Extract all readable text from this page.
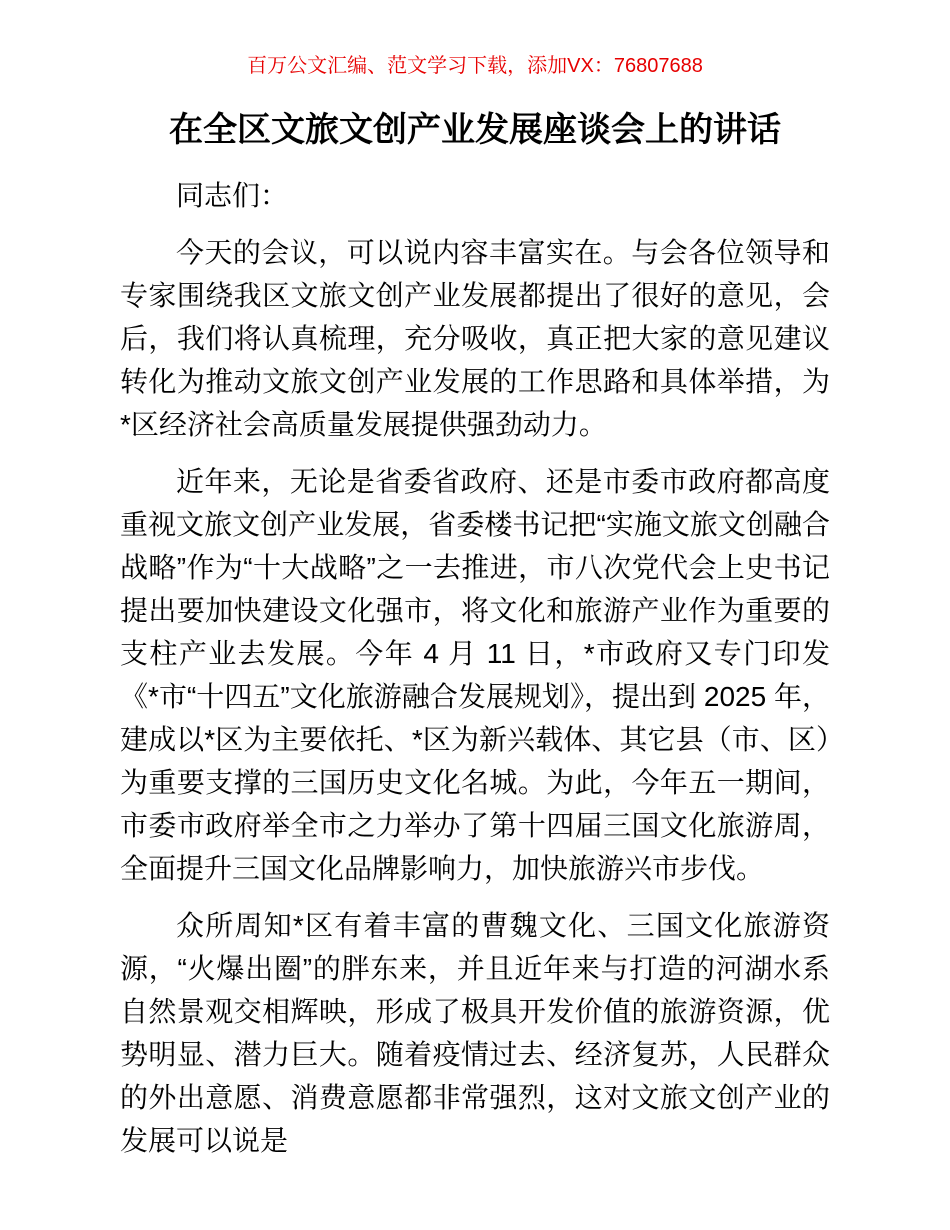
百万公文汇编、范文学习下载，添加VX：76807688

在全区文旅文创产业发展座谈会上的讲话

同志们：

今天的会议，可以说内容丰富实在。与会各位领导和专家围绕我区文旅文创产业发展都提出了很好的意见，会后，我们将认真梳理，充分吸收，真正把大家的意见建议转化为推动文旅文创产业发展的工作思路和具体举措，为*区经济社会高质量发展提供强劲动力。

近年来，无论是省委省政府、还是市委市政府都高度重视文旅文创产业发展，省委楼书记把“实施文旅文创融合战略”作为“十大战略”之一去推进，市八次党代会上史书记提出要加快建设文化强市，将文化和旅游产业作为重要的支柱产业去发展。今年 4 月 11 日，*市政府又专门印发《*市“十四五”文化旅游融合发展规划》，提出到 2025 年，建成以*区为主要依托、*区为新兴载体、其它县（市、区）为重要支撑的三国历史文化名城。为此，今年五一期间，市委市政府举全市之力举办了第十四届三国文化旅游周，全面提升三国文化品牌影响力，加快旅游兴市步伐。

众所周知*区有着丰富的曹魏文化、三国文化旅游资源，“火爆出圈”的胖东来，并且近年来与打造的河湖水系自然景观交相辉映，形成了极具开发价值的旅游资源，优势明显、潜力巨大。随着疫情过去、经济复苏，人民群众的外出意愿、消费意愿都非常强烈，这对文旅文创产业的发展可以说是
